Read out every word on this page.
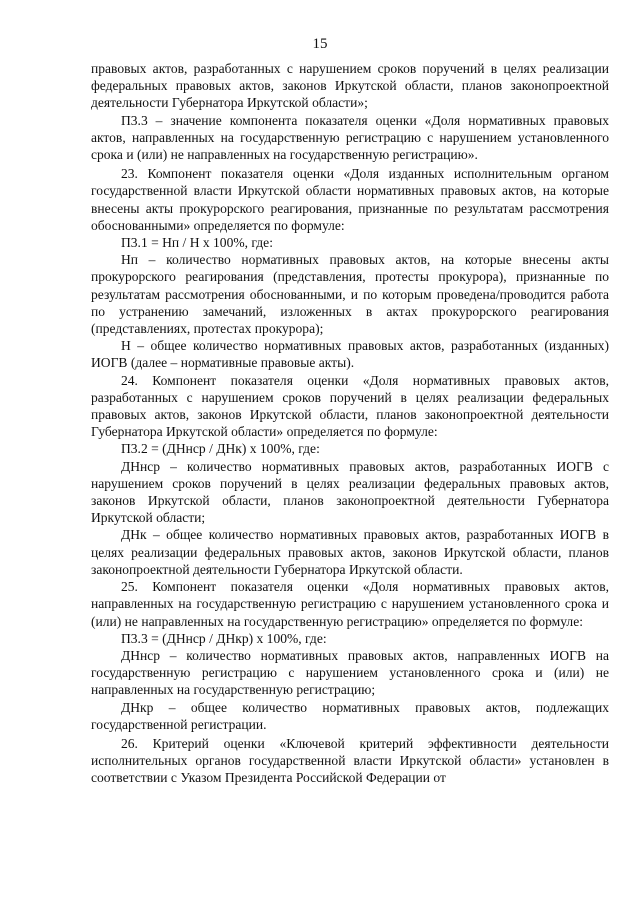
15

правовых актов, разработанных с нарушением сроков поручений в целях реализации федеральных правовых актов, законов Иркутской области, планов законопроектной деятельности Губернатора Иркутской области»;

П3.3 – значение компонента показателя оценки «Доля нормативных правовых актов, направленных на государственную регистрацию с нарушением установленного срока и (или) не направленных на государственную регистрацию».

23. Компонент показателя оценки «Доля изданных исполнительным органом государственной власти Иркутской области нормативных правовых актов, на которые внесены акты прокурорского реагирования, признанные по результатам рассмотрения обоснованными» определяется по формуле:

П3.1 = Нп / Н х 100%, где:

Нп – количество нормативных правовых актов, на которые внесены акты прокурорского реагирования (представления, протесты прокурора), признанные по результатам рассмотрения обоснованными, и по которым проведена/проводится работа по устранению замечаний, изложенных в актах прокурорского реагирования (представлениях, протестах прокурора);

Н – общее количество нормативных правовых актов, разработанных (изданных) ИОГВ (далее – нормативные правовые акты).

24. Компонент показателя оценки «Доля нормативных правовых актов, разработанных с нарушением сроков поручений в целях реализации федеральных правовых актов, законов Иркутской области, планов законопроектной деятельности Губернатора Иркутской области» определяется по формуле:

П3.2 = (ДНнср / ДНк) х 100%, где:

ДНнср – количество нормативных правовых актов, разработанных ИОГВ с нарушением сроков поручений в целях реализации федеральных правовых актов, законов Иркутской области, планов законопроектной деятельности Губернатора Иркутской области;

ДНк – общее количество нормативных правовых актов, разработанных ИОГВ в целях реализации федеральных правовых актов, законов Иркутской области, планов законопроектной деятельности Губернатора Иркутской области.

25. Компонент показателя оценки «Доля нормативных правовых актов, направленных на государственную регистрацию с нарушением установленного срока и (или) не направленных на государственную регистрацию» определяется по формуле:

П3.3 = (ДНнср / ДНкр) х 100%, где:

ДНнср – количество нормативных правовых актов, направленных ИОГВ на государственную регистрацию с нарушением установленного срока и (или) не направленных на государственную регистрацию;

ДНкр – общее количество нормативных правовых актов, подлежащих государственной регистрации.

26. Критерий оценки «Ключевой критерий эффективности деятельности исполнительных органов государственной власти Иркутской области» установлен в соответствии с Указом Президента Российской Федерации от
